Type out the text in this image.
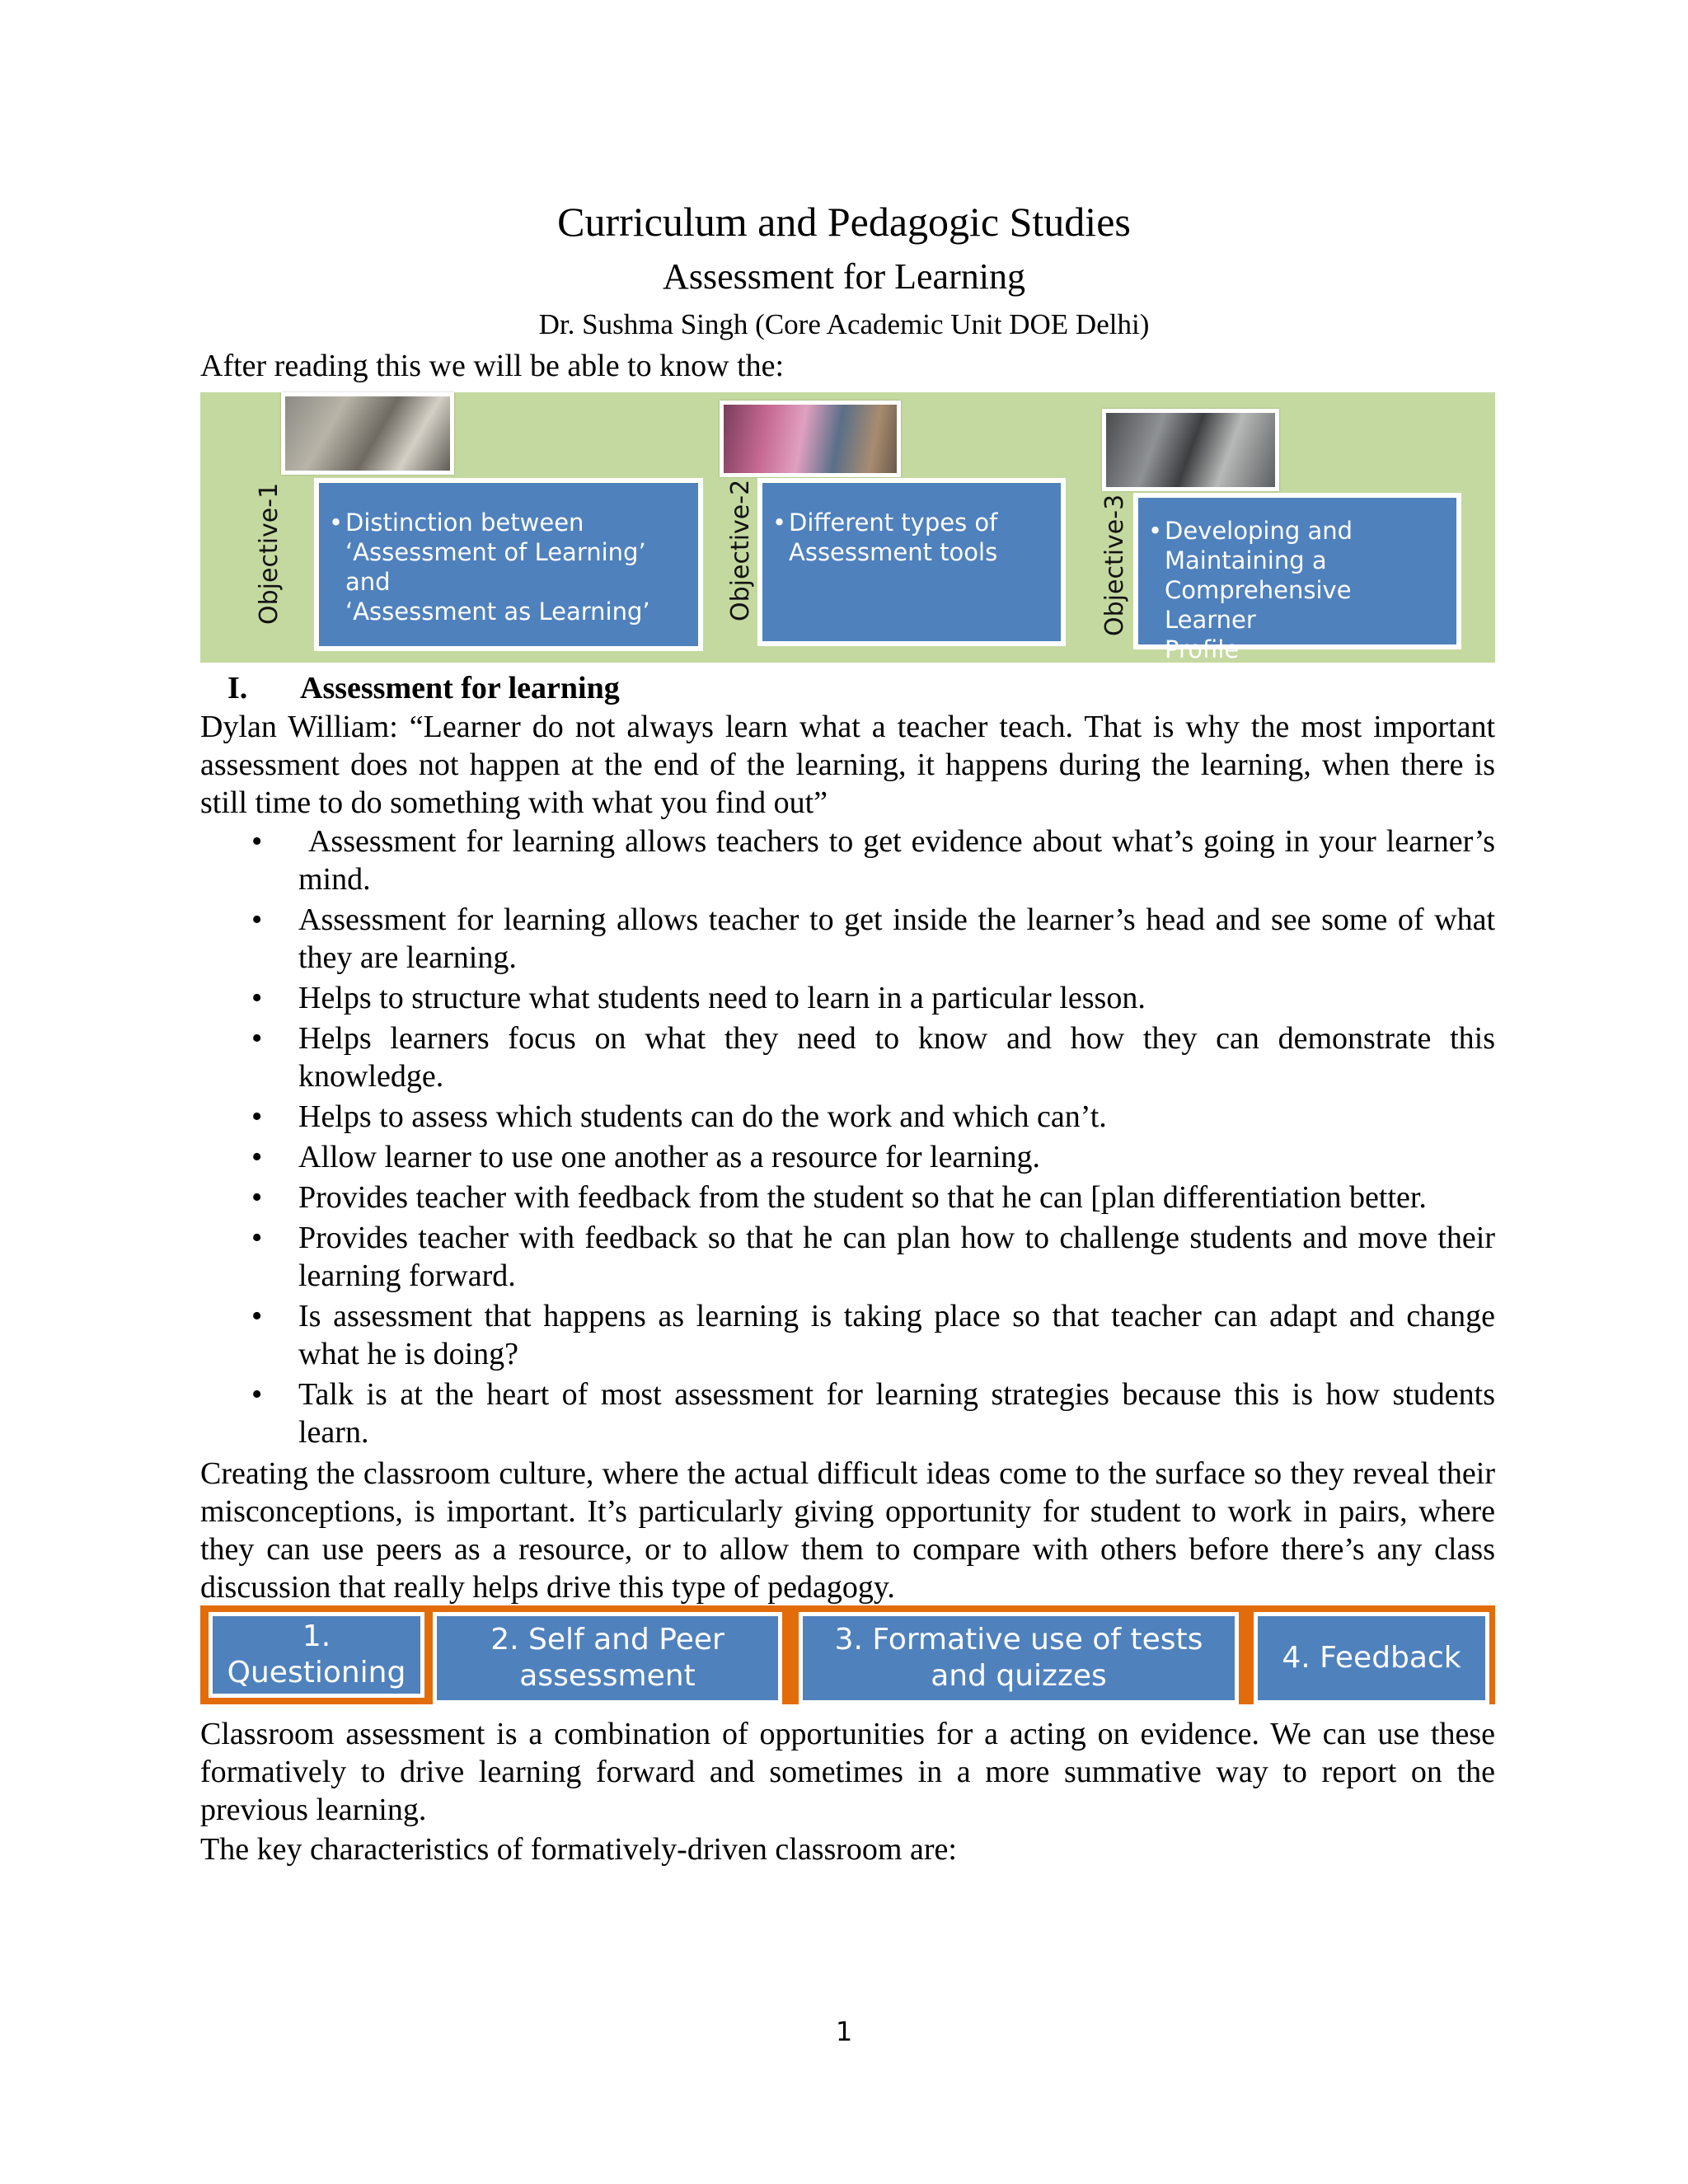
Curriculum and Pedagogic Studies
Assessment for Learning
Dr. Sushma Singh (Core Academic Unit DOE Delhi)
After reading this we will be able to know the:
Objective-1 • Distinction between
‘Assessment of Learning’ and
‘Assessment as Learning’	Objective-2 • Different types of
Assessment tools	Objective-3 • Developing and
Maintaining a
Comprehensive Learner
Profile
I. Assessment for learning
Dylan William: “Learner do not always learn what a teacher teach. That is why the most important assessment does not happen at the end of the learning, it happens during the learning, when there is still time to do something with what you find out”
• Assessment for learning allows teachers to get evidence about what’s going in your learner’s mind.
• Assessment for learning allows teacher to get inside the learner’s head and see some of what they are learning.
• Helps to structure what students need to learn in a particular lesson.
• Helps learners focus on what they need to know and how they can demonstrate this knowledge.
• Helps to assess which students can do the work and which can’t.
• Allow learner to use one another as a resource for learning.
• Provides teacher with feedback from the student so that he can [plan differentiation better.
• Provides teacher with feedback so that he can plan how to challenge students and move their learning forward.
• Is assessment that happens as learning is taking place so that teacher can adapt and change what he is doing?
• Talk is at the heart of most assessment for learning strategies because this is how students learn.
Creating the classroom culture, where the actual difficult ideas come to the surface so they reveal their misconceptions, is important. It’s particularly giving opportunity for student to work in pairs, where they can use peers as a resource, or to allow them to compare with others before there’s any class discussion that really helps drive this type of pedagogy.
1. Questioning
2. Self and Peer assessment
3. Formative use of tests and quizzes
4. Feedback
Classroom assessment is a combination of opportunities for a acting on evidence. We can use these formatively to drive learning forward and sometimes in a more summative way to report on the previous learning.
The key characteristics of formatively-driven classroom are:
1
